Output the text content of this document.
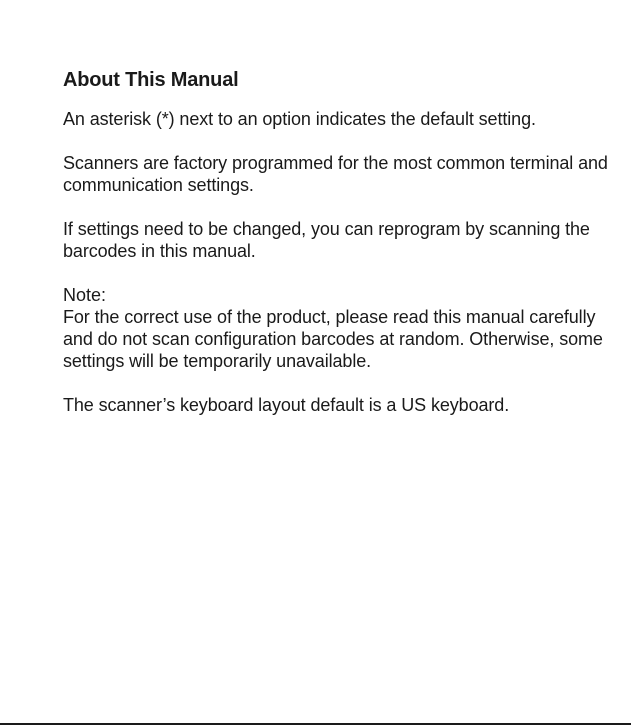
About This Manual

An asterisk (*) next to an option indicates the default setting.

Scanners are factory programmed for the most common terminal and communication settings.

If settings need to be changed, you can reprogram by scanning the barcodes in this manual.

Note:

For the correct use of the product, please read this manual carefully and do not scan configuration barcodes at random. Otherwise, some settings will be temporarily unavailable.

The scanner’s keyboard layout default is a US keyboard.
